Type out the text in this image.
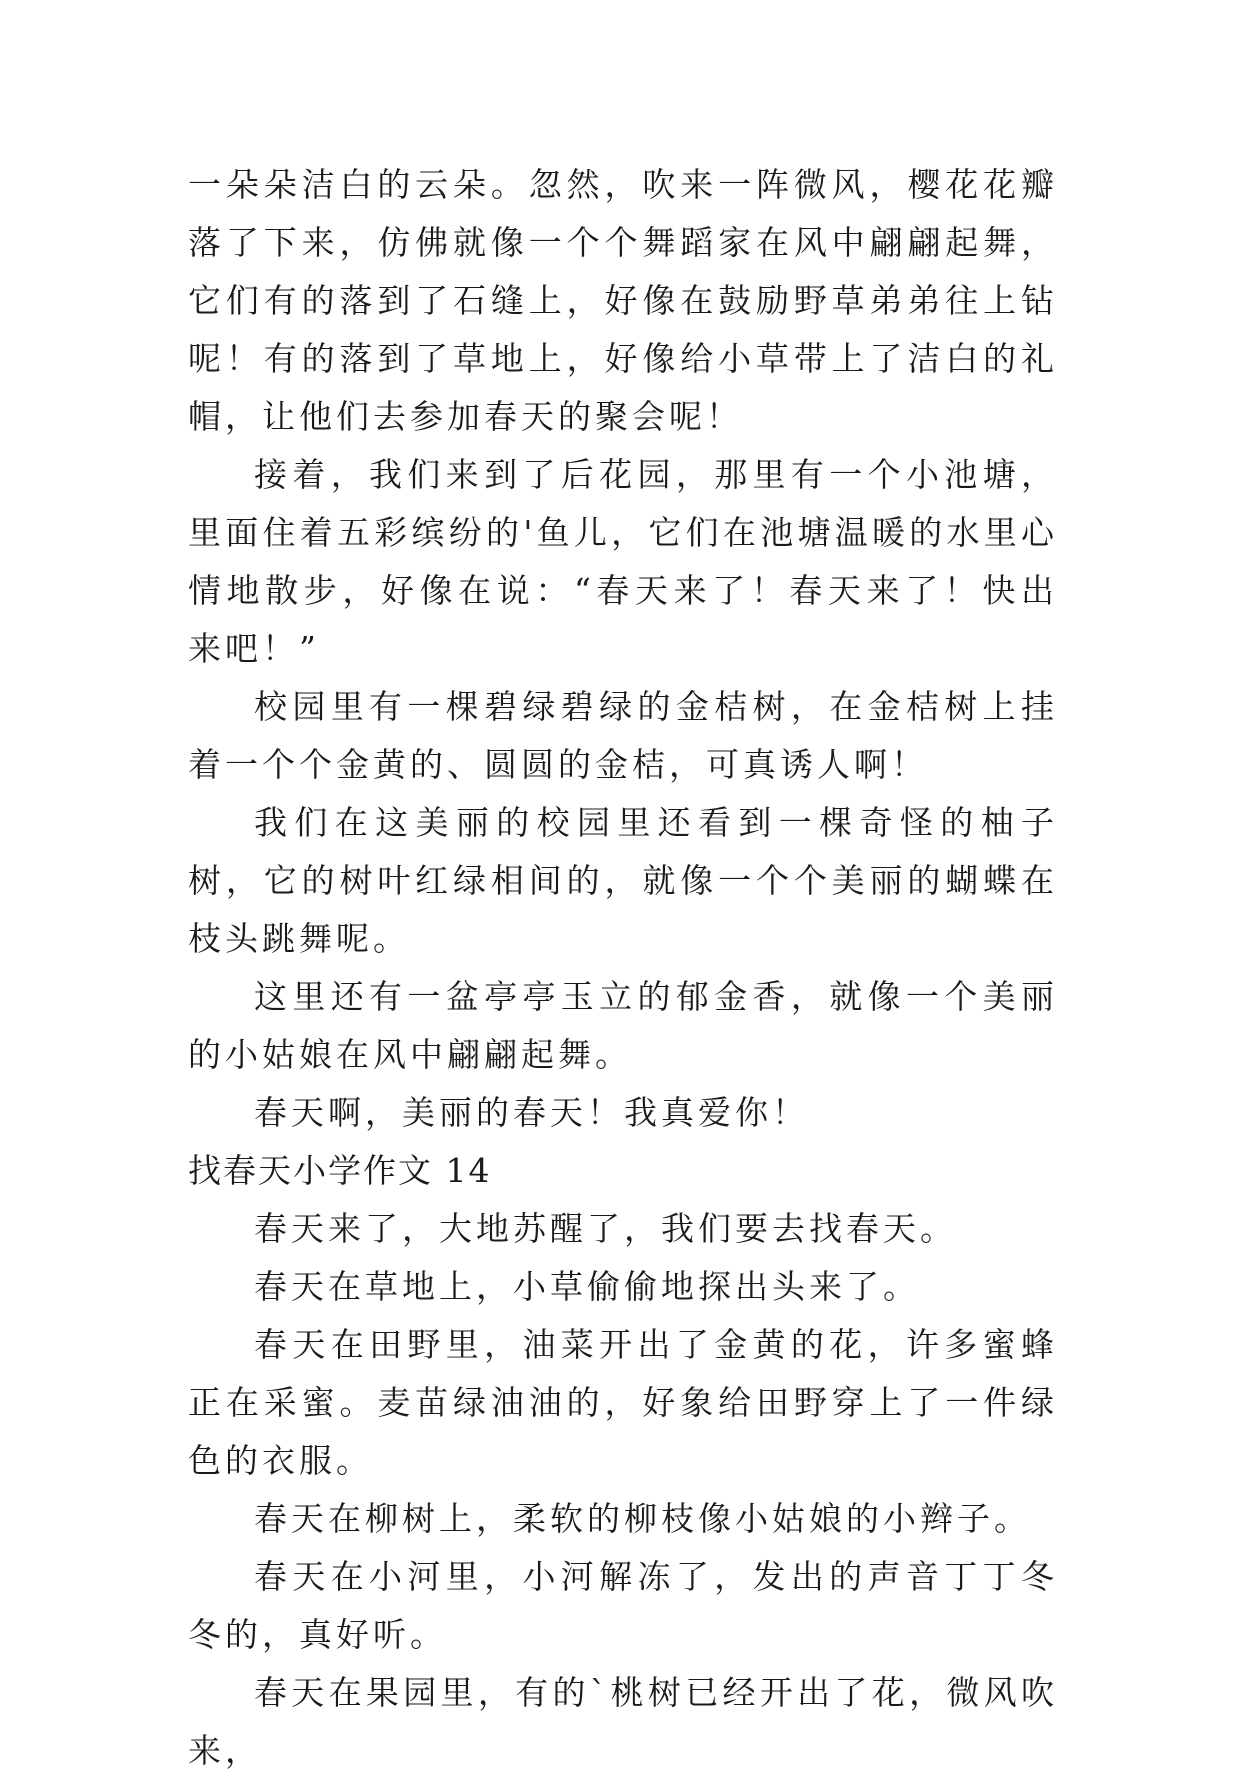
一朵朵洁白的云朵。忽然，吹来一阵微风，樱花花瓣落了下来，仿佛就像一个个舞蹈家在风中翩翩起舞，它们有的落到了石缝上，好像在鼓励野草弟弟往上钻呢！有的落到了草地上，好像给小草带上了洁白的礼帽，让他们去参加春天的聚会呢！

接着，我们来到了后花园，那里有一个小池塘，里面住着五彩缤纷的'鱼儿，它们在池塘温暖的水里心情地散步，好像在说：“春天来了！春天来了！快出来吧！”

校园里有一棵碧绿碧绿的金桔树，在金桔树上挂着一个个金黄的、圆圆的金桔，可真诱人啊！

我们在这美丽的校园里还看到一棵奇怪的柚子树，它的树叶红绿相间的，就像一个个美丽的蝴蝶在枝头跳舞呢。

这里还有一盆亭亭玉立的郁金香，就像一个美丽的小姑娘在风中翩翩起舞。

春天啊，美丽的春天！我真爱你！

找春天小学作文 14

春天来了，大地苏醒了，我们要去找春天。

春天在草地上，小草偷偷地探出头来了。

春天在田野里，油菜开出了金黄的花，许多蜜蜂正在采蜜。麦苗绿油油的，好象给田野穿上了一件绿色的衣服。

春天在柳树上，柔软的柳枝像小姑娘的小辫子。

春天在小河里，小河解冻了，发出的声音丁丁冬冬的，真好听。

春天在果园里，有的`桃树已经开出了花，微风吹来，
